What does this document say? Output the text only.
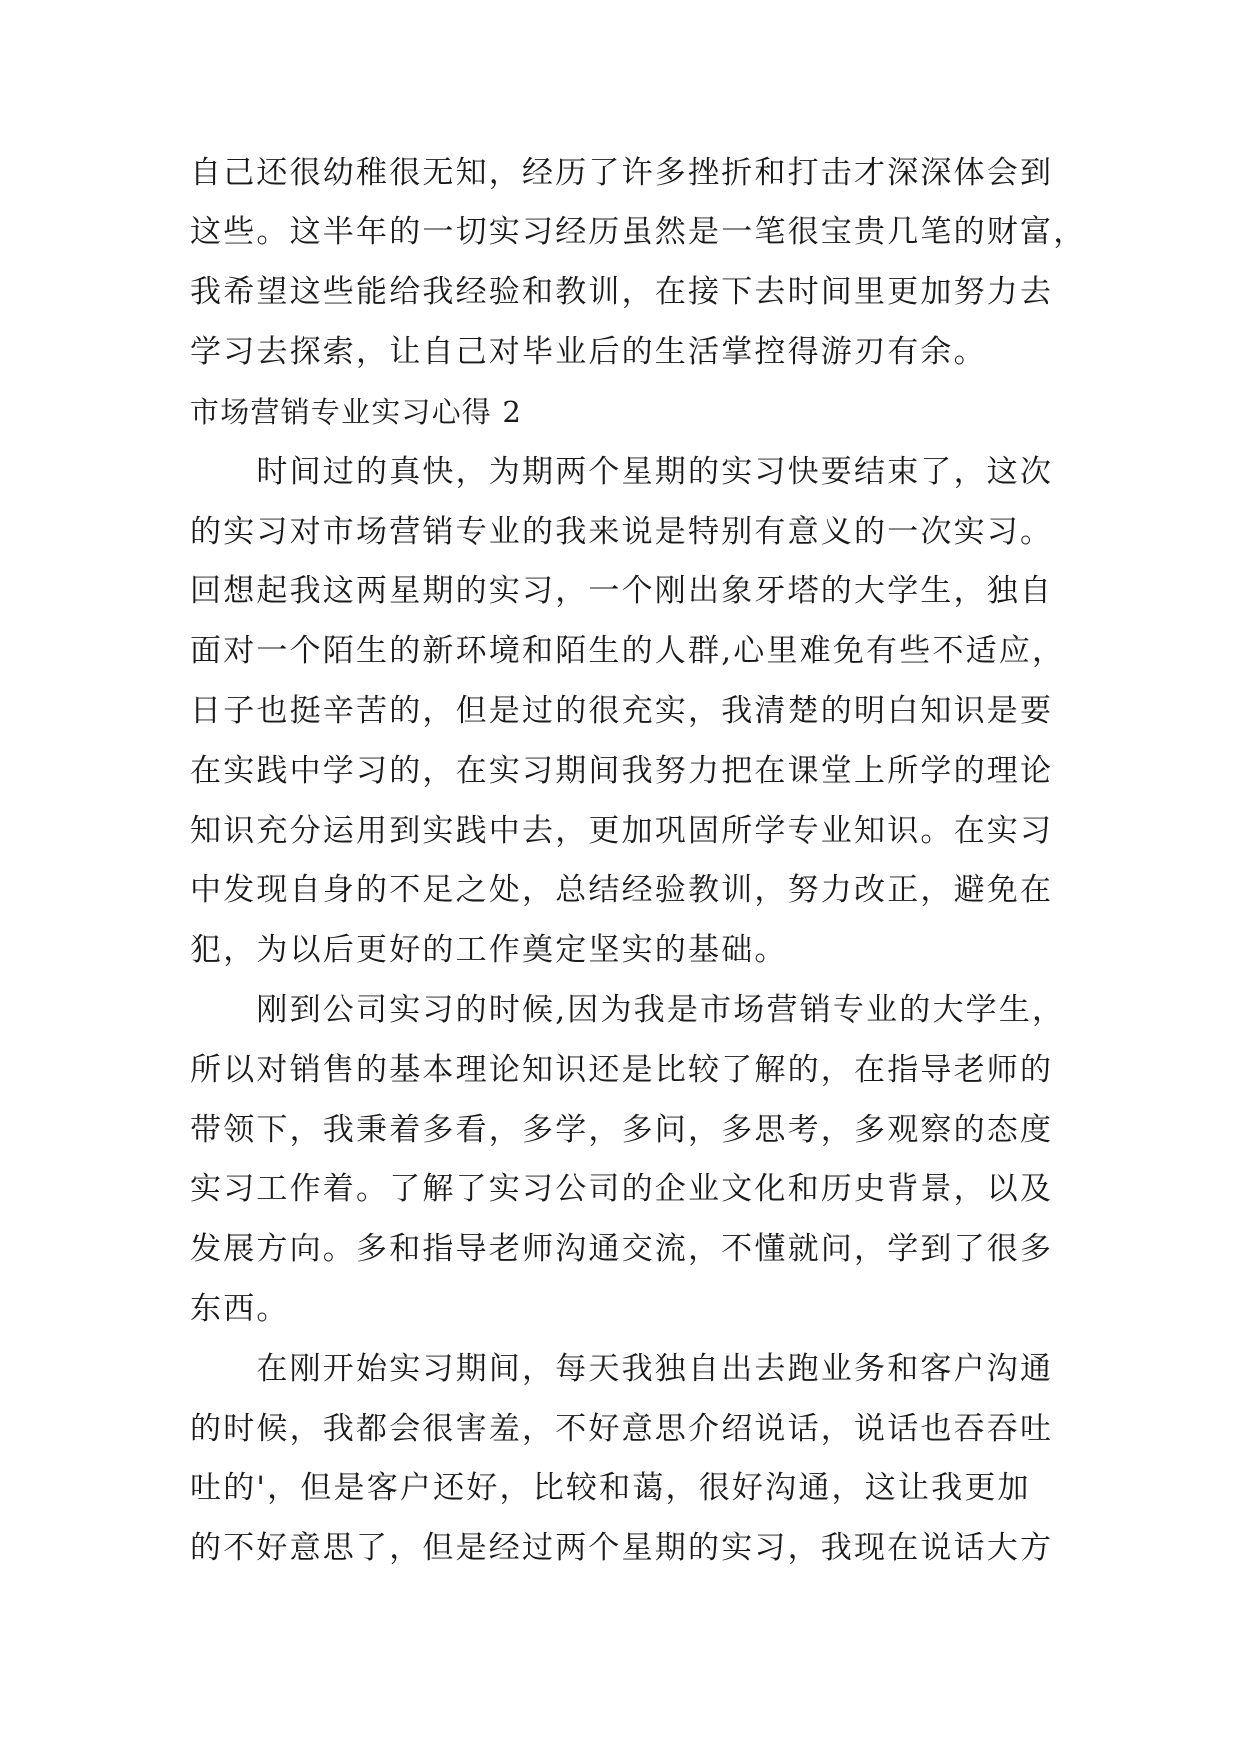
自己还很幼稚很无知，经历了许多挫折和打击才深深体会到
这些。这半年的一切实习经历虽然是一笔很宝贵几笔的财富，
我希望这些能给我经验和教训，在接下去时间里更加努力去
学习去探索，让自己对毕业后的生活掌控得游刃有余。
市场营销专业实习心得 2
　　时间过的真快，为期两个星期的实习快要结束了，这次
的实习对市场营销专业的我来说是特别有意义的一次实习。
回想起我这两星期的实习，一个刚出象牙塔的大学生，独自
面对一个陌生的新环境和陌生的人群,心里难免有些不适应，
日子也挺辛苦的，但是过的很充实，我清楚的明白知识是要
在实践中学习的，在实习期间我努力把在课堂上所学的理论
知识充分运用到实践中去，更加巩固所学专业知识。在实习
中发现自身的不足之处，总结经验教训，努力改正，避免在
犯，为以后更好的工作奠定坚实的基础。
　　刚到公司实习的时候,因为我是市场营销专业的大学生，
所以对销售的基本理论知识还是比较了解的，在指导老师的
带领下，我秉着多看，多学，多问，多思考，多观察的态度
实习工作着。了解了实习公司的企业文化和历史背景，以及
发展方向。多和指导老师沟通交流，不懂就问，学到了很多
东西。
　　在刚开始实习期间，每天我独自出去跑业务和客户沟通
的时候，我都会很害羞，不好意思介绍说话，说话也吞吞吐
吐的'，但是客户还好，比较和蔼，很好沟通，这让我更加
的不好意思了，但是经过两个星期的实习，我现在说话大方
